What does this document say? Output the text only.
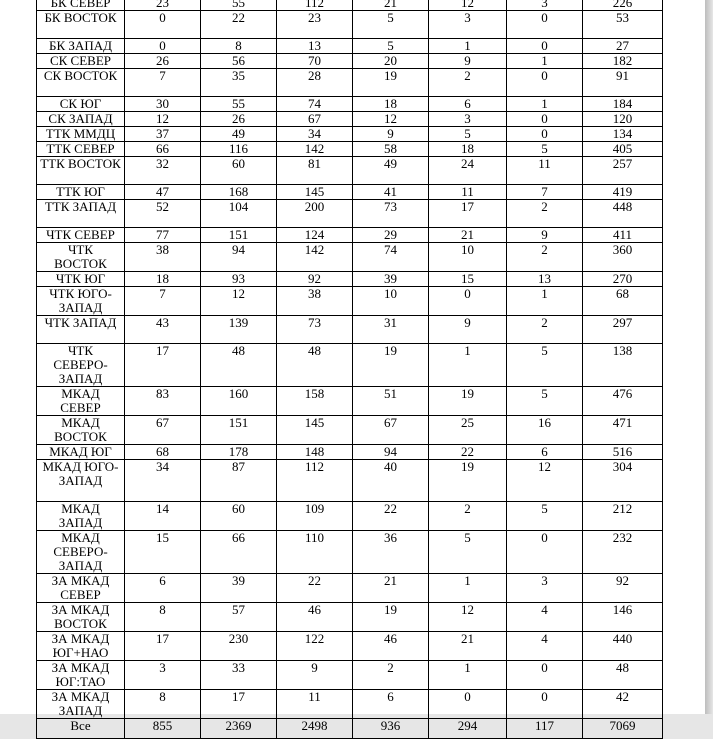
БК СЕВЕР	23	55	112	21	12	3	226
БК ВОСТОК	0	22	23	5	3	0	53
БК ЗАПАД	0	8	13	5	1	0	27
СК СЕВЕР	26	56	70	20	9	1	182
СК ВОСТОК	7	35	28	19	2	0	91
СК ЮГ	30	55	74	18	6	1	184
СК ЗАПАД	12	26	67	12	3	0	120
ТТК ММДЦ	37	49	34	9	5	0	134
ТТК СЕВЕР	66	116	142	58	18	5	405
ТТК ВОСТОК	32	60	81	49	24	11	257
ТТК ЮГ	47	168	145	41	11	7	419
ТТК ЗАПАД	52	104	200	73	17	2	448
ЧТК СЕВЕР	77	151	124	29	21	9	411
ЧТК ВОСТОК	38	94	142	74	10	2	360
ЧТК ЮГ	18	93	92	39	15	13	270
ЧТК ЮГО-ЗАПАД	7	12	38	10	0	1	68
ЧТК ЗАПАД	43	139	73	31	9	2	297
ЧТК СЕВЕРО-ЗАПАД	17	48	48	19	1	5	138
МКАД СЕВЕР	83	160	158	51	19	5	476
МКАД ВОСТОК	67	151	145	67	25	16	471
МКАД ЮГ	68	178	148	94	22	6	516
МКАД ЮГО-ЗАПАД	34	87	112	40	19	12	304
МКАД ЗАПАД	14	60	109	22	2	5	212
МКАД СЕВЕРО-ЗАПАД	15	66	110	36	5	0	232
ЗА МКАД СЕВЕР	6	39	22	21	1	3	92
ЗА МКАД ВОСТОК	8	57	46	19	12	4	146
ЗА МКАД ЮГ+НАО	17	230	122	46	21	4	440
ЗА МКАД ЮГ:ТАО	3	33	9	2	1	0	48
ЗА МКАД ЗАПАД	8	17	11	6	0	0	42
Все	855	2369	2498	936	294	117	7069
